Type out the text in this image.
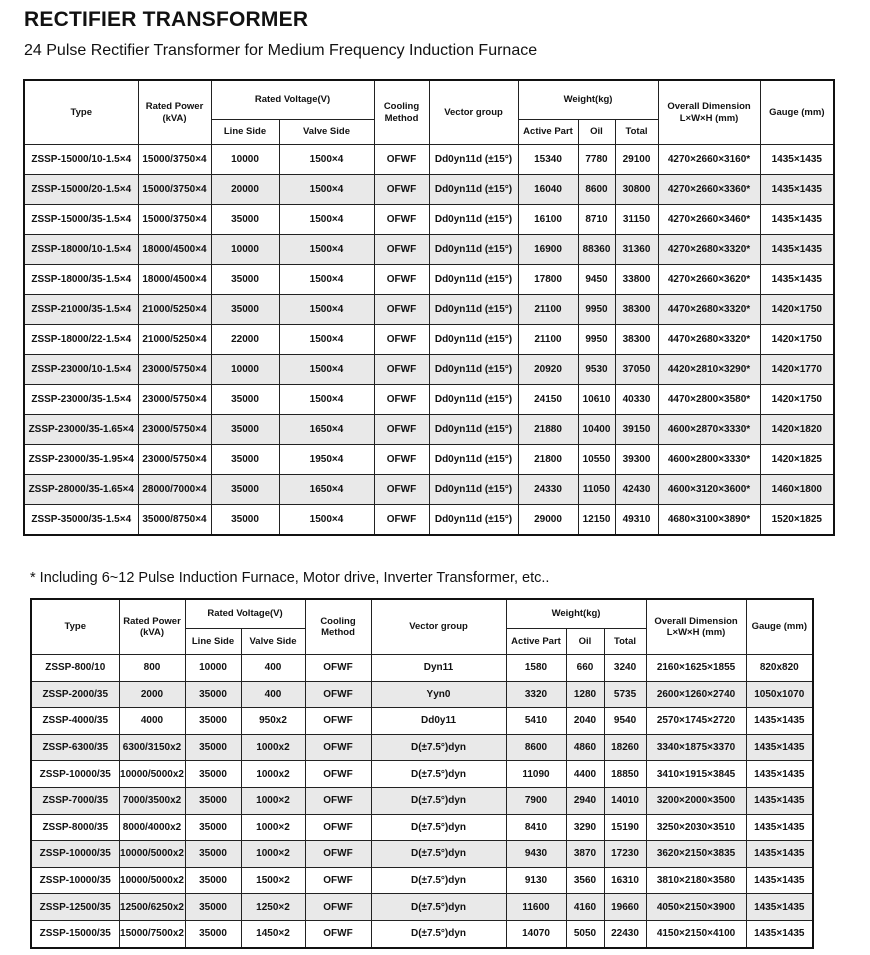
RECTIFIER TRANSFORMER
24 Pulse Rectifier Transformer for Medium Frequency Induction Furnace
Type	Rated Power (kVA)	Rated Voltage(V)		Cooling Method	Vector group	Weight(kg)			Overall Dimension L×W×H (mm)	Gauge (mm)
		Line Side	Valve Side			Active Part	Oil	Total		
ZSSP-15000/10-1.5×4	15000/3750×4	10000	1500×4	OFWF	Dd0yn11d (±15°)	15340	7780	29100	4270×2660×3160*	1435×1435
ZSSP-15000/20-1.5×4	15000/3750×4	20000	1500×4	OFWF	Dd0yn11d (±15°)	16040	8600	30800	4270×2660×3360*	1435×1435
ZSSP-15000/35-1.5×4	15000/3750×4	35000	1500×4	OFWF	Dd0yn11d (±15°)	16100	8710	31150	4270×2660×3460*	1435×1435
ZSSP-18000/10-1.5×4	18000/4500×4	10000	1500×4	OFWF	Dd0yn11d (±15°)	16900	88360	31360	4270×2680×3320*	1435×1435
ZSSP-18000/35-1.5×4	18000/4500×4	35000	1500×4	OFWF	Dd0yn11d (±15°)	17800	9450	33800	4270×2660×3620*	1435×1435
ZSSP-21000/35-1.5×4	21000/5250×4	35000	1500×4	OFWF	Dd0yn11d (±15°)	21100	9950	38300	4470×2680×3320*	1420×1750
ZSSP-18000/22-1.5×4	21000/5250×4	22000	1500×4	OFWF	Dd0yn11d (±15°)	21100	9950	38300	4470×2680×3320*	1420×1750
ZSSP-23000/10-1.5×4	23000/5750×4	10000	1500×4	OFWF	Dd0yn11d (±15°)	20920	9530	37050	4420×2810×3290*	1420×1770
ZSSP-23000/35-1.5×4	23000/5750×4	35000	1500×4	OFWF	Dd0yn11d (±15°)	24150	10610	40330	4470×2800×3580*	1420×1750
ZSSP-23000/35-1.65×4	23000/5750×4	35000	1650×4	OFWF	Dd0yn11d (±15°)	21880	10400	39150	4600×2870×3330*	1420×1820
ZSSP-23000/35-1.95×4	23000/5750×4	35000	1950×4	OFWF	Dd0yn11d (±15°)	21800	10550	39300	4600×2800×3330*	1420×1825
ZSSP-28000/35-1.65×4	28000/7000×4	35000	1650×4	OFWF	Dd0yn11d (±15°)	24330	11050	42430	4600×3120×3600*	1460×1800
ZSSP-35000/35-1.5×4	35000/8750×4	35000	1500×4	OFWF	Dd0yn11d (±15°)	29000	12150	49310	4680×3100×3890*	1520×1825
* Including 6~12 Pulse Induction Furnace, Motor drive, Inverter Transformer, etc..
Type	Rated Power (kVA)	Rated Voltage(V)		Cooling Method	Vector group	Weight(kg)			Overall Dimension L×W×H (mm)	Gauge (mm)
		Line Side	Valve Side			Active Part	Oil	Total		
ZSSP-800/10	800	10000	400	OFWF	Dyn11	1580	660	3240	2160×1625×1855	820x820
ZSSP-2000/35	2000	35000	400	OFWF	Yyn0	3320	1280	5735	2600×1260×2740	1050x1070
ZSSP-4000/35	4000	35000	950x2	OFWF	Dd0y11	5410	2040	9540	2570×1745×2720	1435×1435
ZSSP-6300/35	6300/3150x2	35000	1000x2	OFWF	D(±7.5°)dyn	8600	4860	18260	3340×1875×3370	1435×1435
ZSSP-10000/35	10000/5000x2	35000	1000x2	OFWF	D(±7.5°)dyn	11090	4400	18850	3410×1915×3845	1435×1435
ZSSP-7000/35	7000/3500x2	35000	1000×2	OFWF	D(±7.5°)dyn	7900	2940	14010	3200×2000×3500	1435×1435
ZSSP-8000/35	8000/4000x2	35000	1000×2	OFWF	D(±7.5°)dyn	8410	3290	15190	3250×2030×3510	1435×1435
ZSSP-10000/35	10000/5000x2	35000	1000×2	OFWF	D(±7.5°)dyn	9430	3870	17230	3620×2150×3835	1435×1435
ZSSP-10000/35	10000/5000x2	35000	1500×2	OFWF	D(±7.5°)dyn	9130	3560	16310	3810×2180×3580	1435×1435
ZSSP-12500/35	12500/6250x2	35000	1250×2	OFWF	D(±7.5°)dyn	11600	4160	19660	4050×2150×3900	1435×1435
ZSSP-15000/35	15000/7500x2	35000	1450×2	OFWF	D(±7.5°)dyn	14070	5050	22430	4150×2150×4100	1435×1435
